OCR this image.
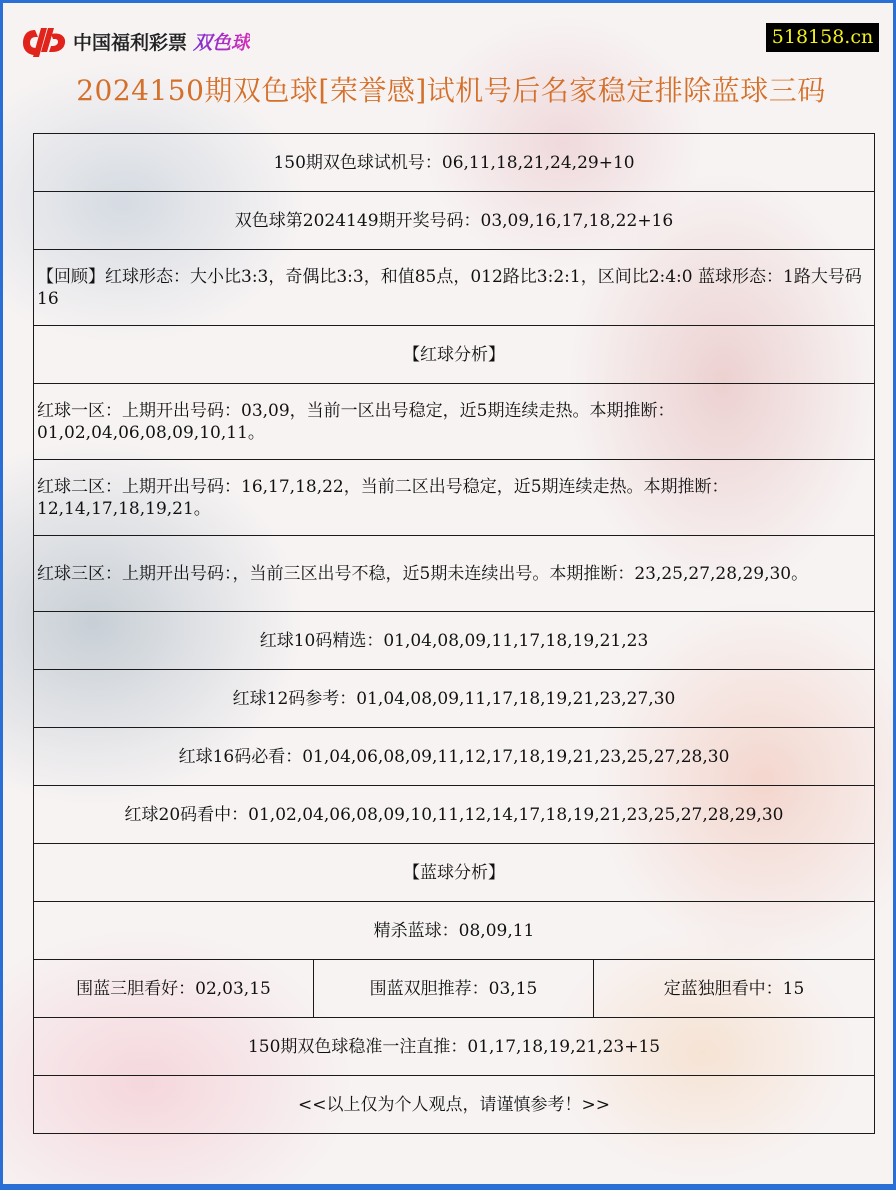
中国福利彩票 双色球	518158.cn
2024150期双色球[荣誉感]试机号后名家稳定排除蓝球三码
150期双色球试机号：06,11,18,21,24,29+10
双色球第2024149期开奖号码：03,09,16,17,18,22+16
【回顾】红球形态：大小比3:3，奇偶比3:3，和值85点，012路比3:2:1，区间比2:4:0 蓝球形态：1路大号码16
【红球分析】
红球一区：上期开出号码：03,09，当前一区出号稳定，近5期连续走热。本期推断：01,02,04,06,08,09,10,11。
红球二区：上期开出号码：16,17,18,22，当前二区出号稳定，近5期连续走热。本期推断：12,14,17,18,19,21。
红球三区：上期开出号码：，当前三区出号不稳，近5期未连续出号。本期推断：23,25,27,28,29,30。
红球10码精选：01,04,08,09,11,17,18,19,21,23
红球12码参考：01,04,08,09,11,17,18,19,21,23,27,30
红球16码必看：01,04,06,08,09,11,12,17,18,19,21,23,25,27,28,30
红球20码看中：01,02,04,06,08,09,10,11,12,14,17,18,19,21,23,25,27,28,29,30
【蓝球分析】
精杀蓝球：08,09,11
围蓝三胆看好：02,03,15	围蓝双胆推荐：03,15	定蓝独胆看中：15
150期双色球稳准一注直推：01,17,18,19,21,23+15
<<以上仅为个人观点，请谨慎参考！>>
